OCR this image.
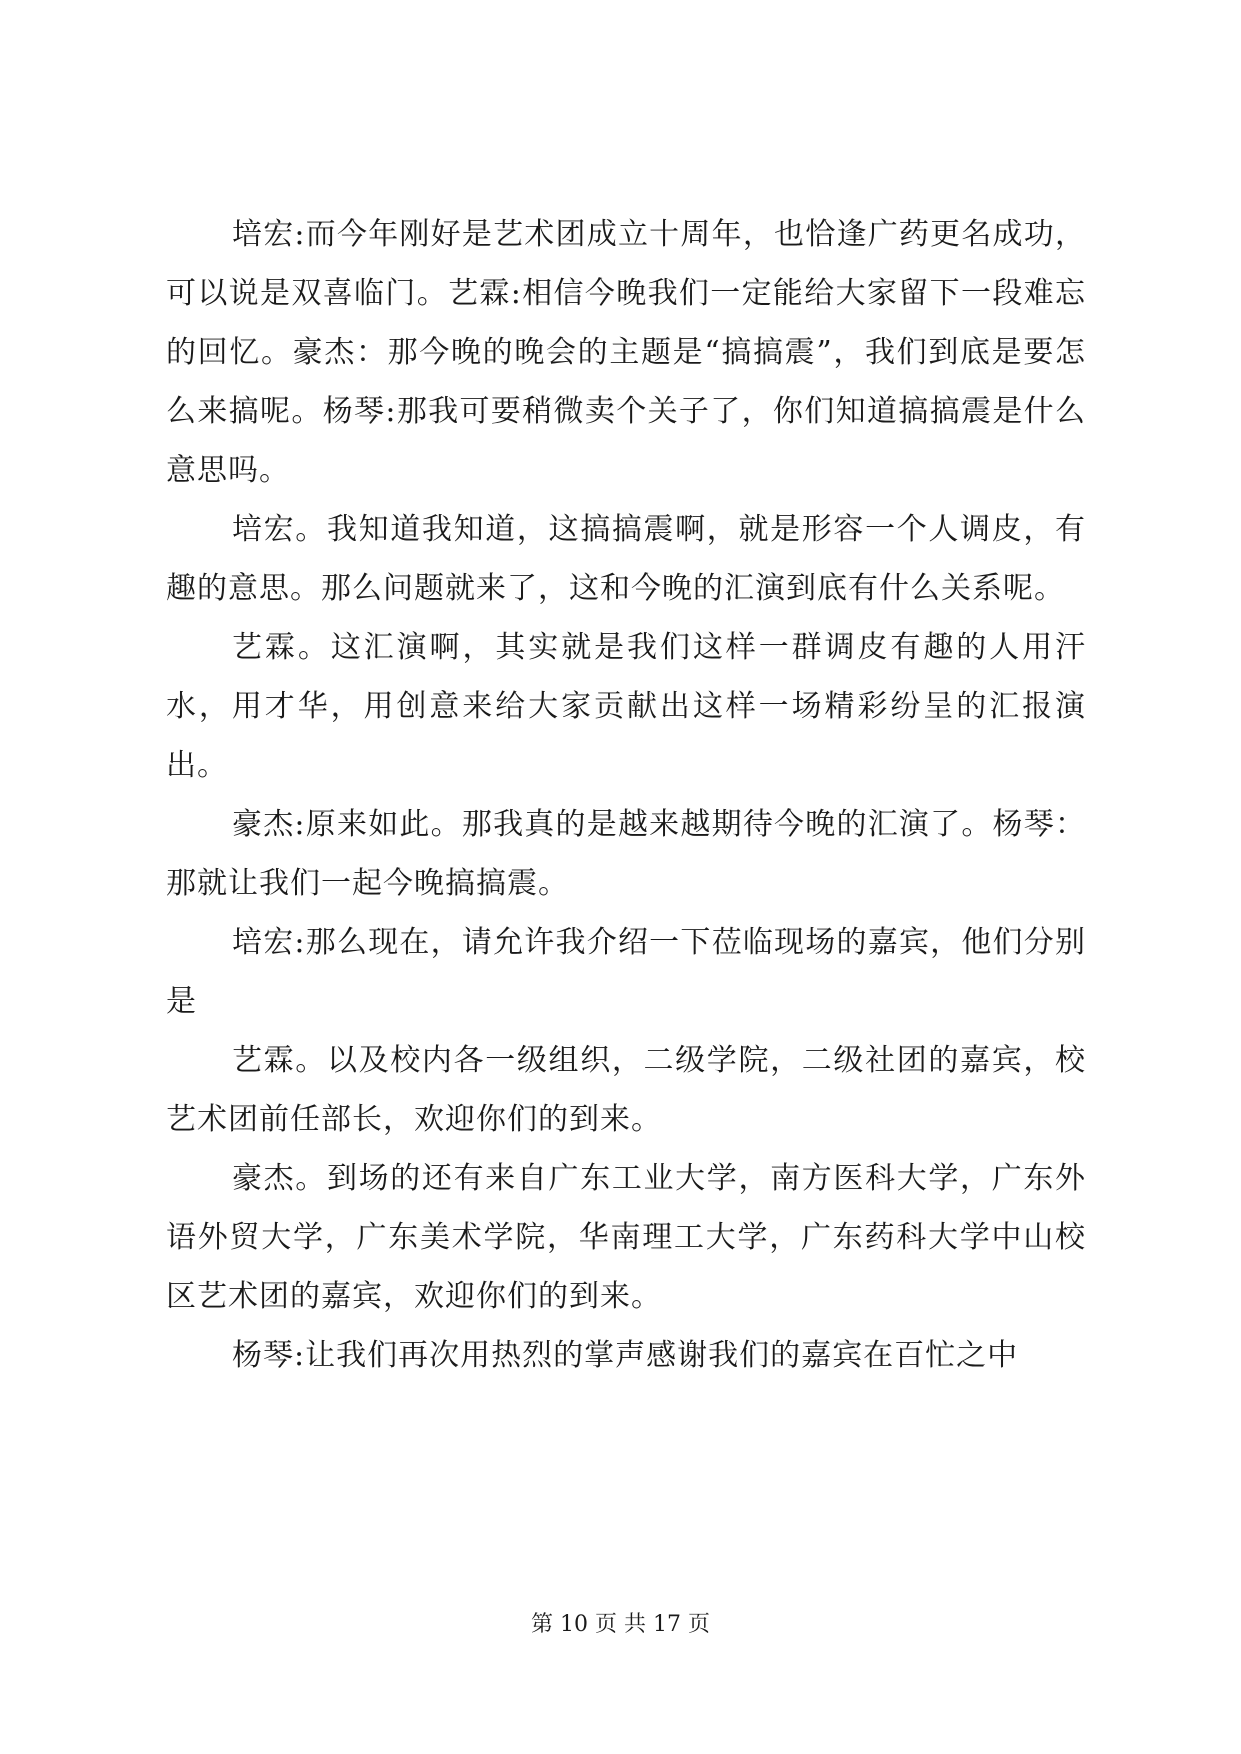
培宏:而今年刚好是艺术团成立十周年，也恰逢广药更名成功，可以说是双喜临门。艺霖:相信今晚我们一定能给大家留下一段难忘的回忆。豪杰：那今晚的晚会的主题是“搞搞震”，我们到底是要怎么来搞呢。杨琴:那我可要稍微卖个关子了，你们知道搞搞震是什么意思吗。

培宏。我知道我知道，这搞搞震啊，就是形容一个人调皮，有趣的意思。那么问题就来了，这和今晚的汇演到底有什么关系呢。

艺霖。这汇演啊，其实就是我们这样一群调皮有趣的人用汗水，用才华，用创意来给大家贡献出这样一场精彩纷呈的汇报演出。

豪杰:原来如此。那我真的是越来越期待今晚的汇演了。杨琴：那就让我们一起今晚搞搞震。

培宏:那么现在，请允许我介绍一下莅临现场的嘉宾，他们分别是

艺霖。以及校内各一级组织，二级学院，二级社团的嘉宾，校艺术团前任部长，欢迎你们的到来。

豪杰。到场的还有来自广东工业大学，南方医科大学，广东外语外贸大学，广东美术学院，华南理工大学，广东药科大学中山校区艺术团的嘉宾，欢迎你们的到来。

杨琴:让我们再次用热烈的掌声感谢我们的嘉宾在百忙之中

第 10 页 共 17 页
